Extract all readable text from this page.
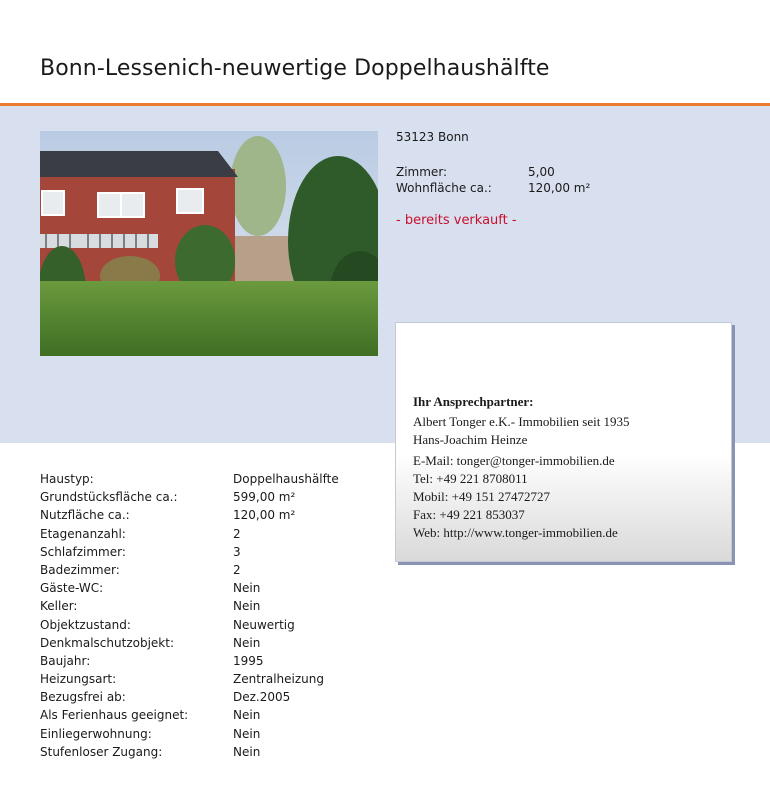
Bonn-Lessenich-neuwertige Doppelhaushälfte
53123 Bonn
Zimmer:	5,00
Wohnfläche ca.:	120,00 m²
- bereits verkauft -
Ihr Ansprechpartner:
Albert Tonger e.K.- Immobilien seit 1935
Hans-Joachim Heinze
E-Mail: tonger@tonger-immobilien.de
Tel: +49 221 8708011
Mobil: +49 151 27472727
Fax: +49 221 853037
Web: http://www.tonger-immobilien.de
Haustyp:	Doppelhaushälfte
Grundstücksfläche ca.:	599,00 m²
Nutzfläche ca.:	120,00 m²
Etagenanzahl:	2
Schlafzimmer:	3
Badezimmer:	2
Gäste-WC:	Nein
Keller:	Nein
Objektzustand:	Neuwertig
Denkmalschutzobjekt:	Nein
Baujahr:	1995
Heizungsart:	Zentralheizung
Bezugsfrei ab:	Dez.2005
Als Ferienhaus geeignet:	Nein
Einliegerwohnung:	Nein
Stufenloser Zugang:	Nein
